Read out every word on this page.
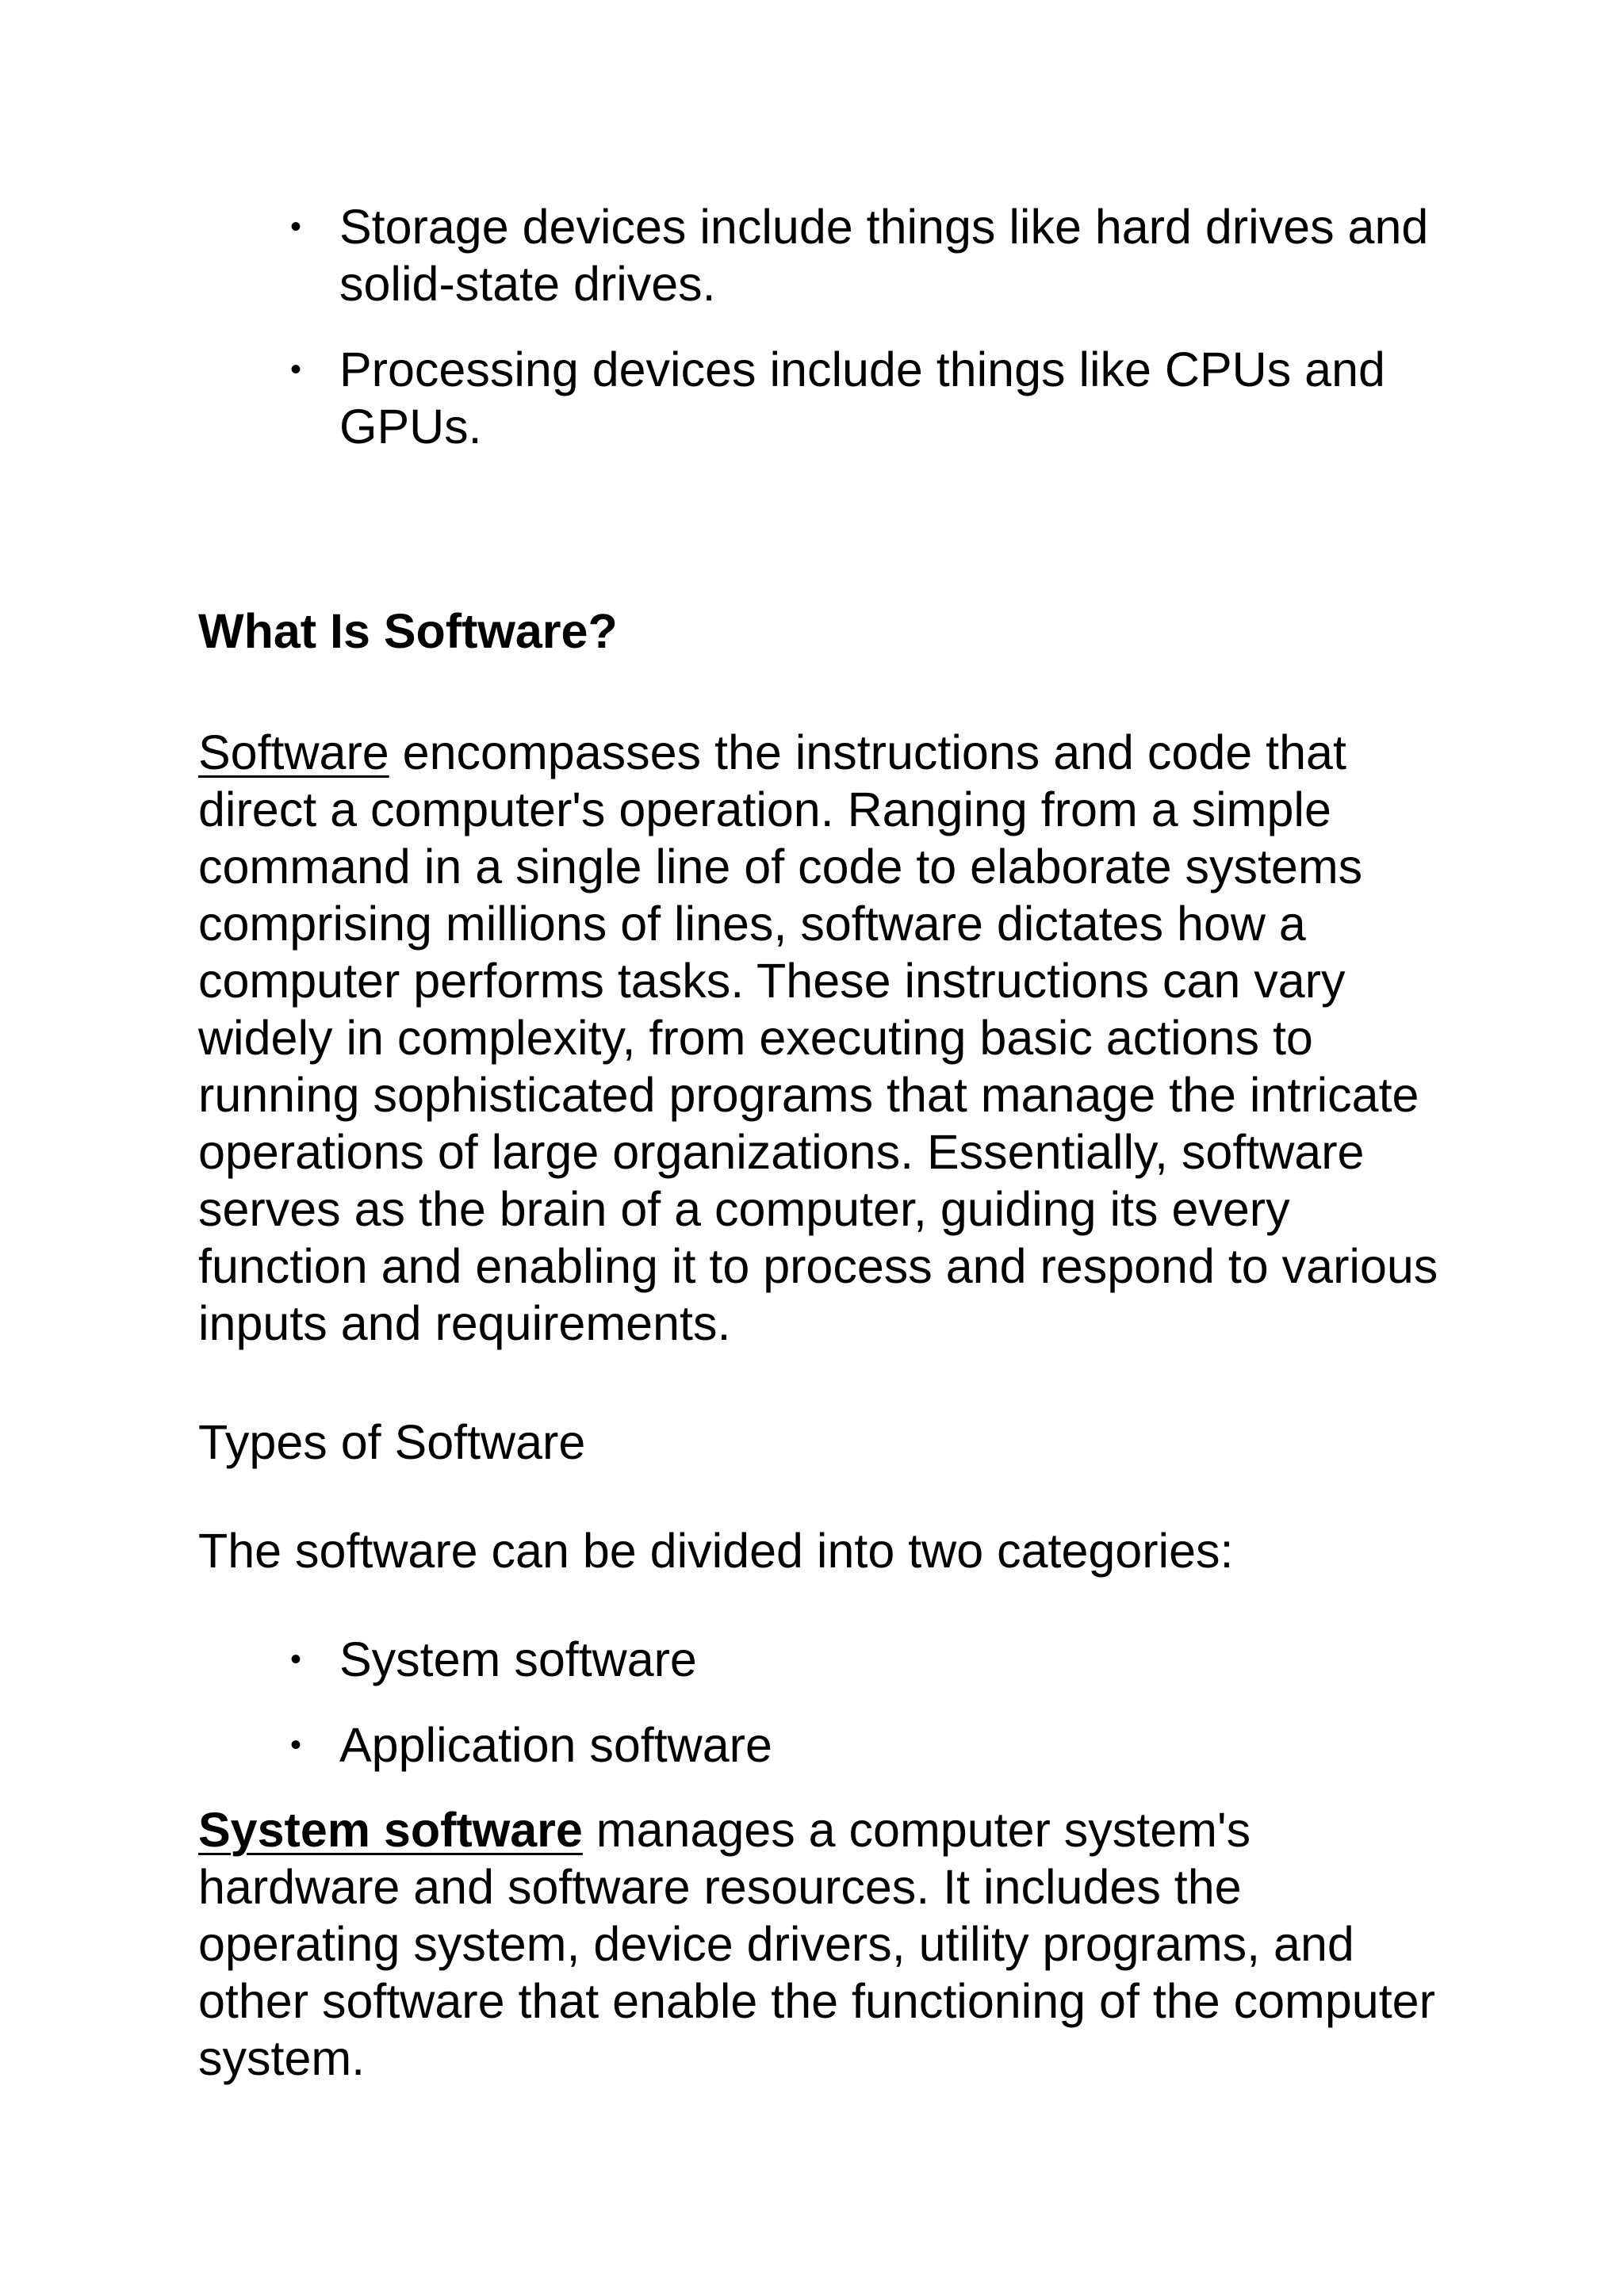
• Storage devices include things like hard drives and solid-state drives.
• Processing devices include things like CPUs and GPUs.
What Is Software?

Software encompasses the instructions and code that direct a computer's operation. Ranging from a simple command in a single line of code to elaborate systems comprising millions of lines, software dictates how a computer performs tasks. These instructions can vary widely in complexity, from executing basic actions to running sophisticated programs that manage the intricate operations of large organizations. Essentially, software serves as the brain of a computer, guiding its every function and enabling it to process and respond to various inputs and requirements.

Types of Software
The software can be divided into two categories:
• System software
• Application software

System software manages a computer system's hardware and software resources. It includes the operating system, device drivers, utility programs, and other software that enable the functioning of the computer system.
